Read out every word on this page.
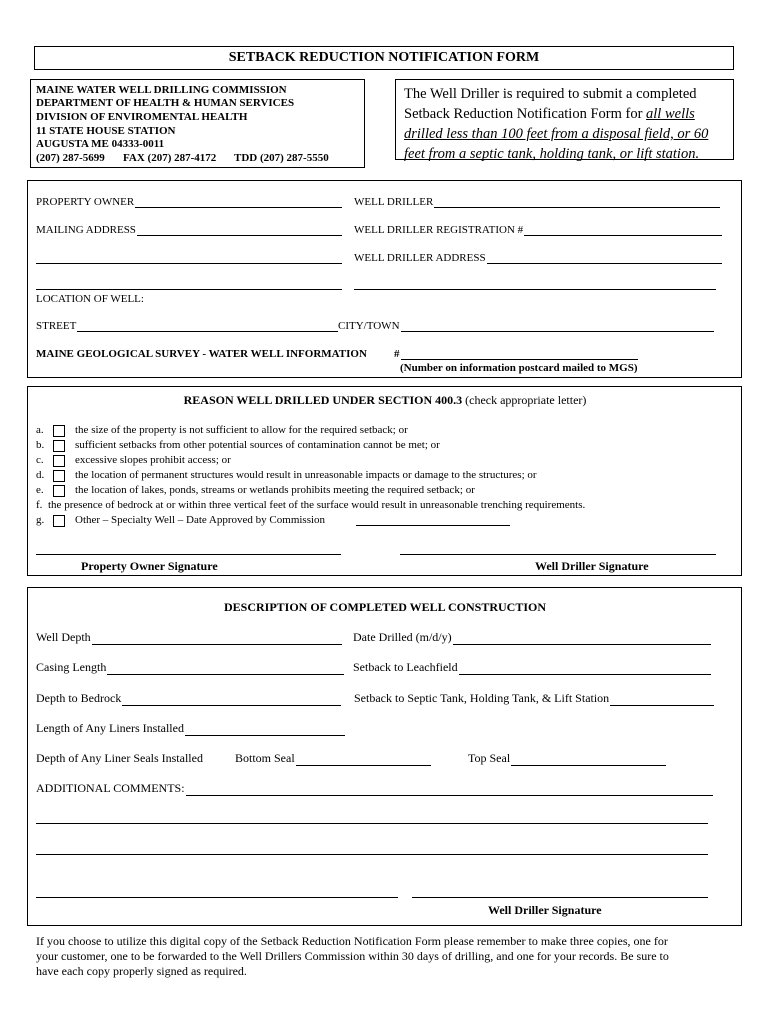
SETBACK REDUCTION NOTIFICATION FORM
MAINE WATER WELL DRILLING COMMISSION
DEPARTMENT OF HEALTH & HUMAN SERVICES
DIVISION OF ENVIROMENTAL HEALTH
11 STATE HOUSE STATION
AUGUSTA ME 04333-0011
(207) 287-5699 FAX (207) 287-4172 TDD (207) 287-5550
The Well Driller is required to submit a completed Setback Reduction Notification Form for all wells
drilled less than 100 feet from a disposal field, or 60
feet from a septic tank, holding tank, or lift station.
PROPERTY OWNER	WELL DRILLER
MAILING ADDRESS	WELL DRILLER REGISTRATION #
WELL DRILLER ADDRESS
LOCATION OF WELL:
STREET	CITY/TOWN
MAINE GEOLOGICAL SURVEY - WATER WELL INFORMATION #
(Number on information postcard mailed to MGS)
REASON WELL DRILLED UNDER SECTION 400.3 (check appropriate letter)
a.	the size of the property is not sufficient to allow for the required setback; or
b.	sufficient setbacks from other potential sources of contamination cannot be met; or
c.	excessive slopes prohibit access; or
d.	the location of permanent structures would result in unreasonable impacts or damage to the structures; or
e.	the location of lakes, ponds, streams or wetlands prohibits meeting the required setback; or
f. the presence of bedrock at or within three vertical feet of the surface would result in unreasonable trenching requirements.
g.	Other – Specialty Well – Date Approved by Commission
Property Owner Signature	Well Driller Signature
DESCRIPTION OF COMPLETED WELL CONSTRUCTION
Well Depth	Date Drilled (m/d/y)
Casing Length	Setback to Leachfield
Depth to Bedrock	Setback to Septic Tank, Holding Tank, & Lift Station
Length of Any Liners Installed
Depth of Any Liner Seals Installed	Bottom Seal	Top Seal
ADDITIONAL COMMENTS:
Well Driller Signature
If you choose to utilize this digital copy of the Setback Reduction Notification Form please remember to make three copies, one for
your customer, one to be forwarded to the Well Drillers Commission within 30 days of drilling, and one for your records. Be sure to
have each copy properly signed as required.
